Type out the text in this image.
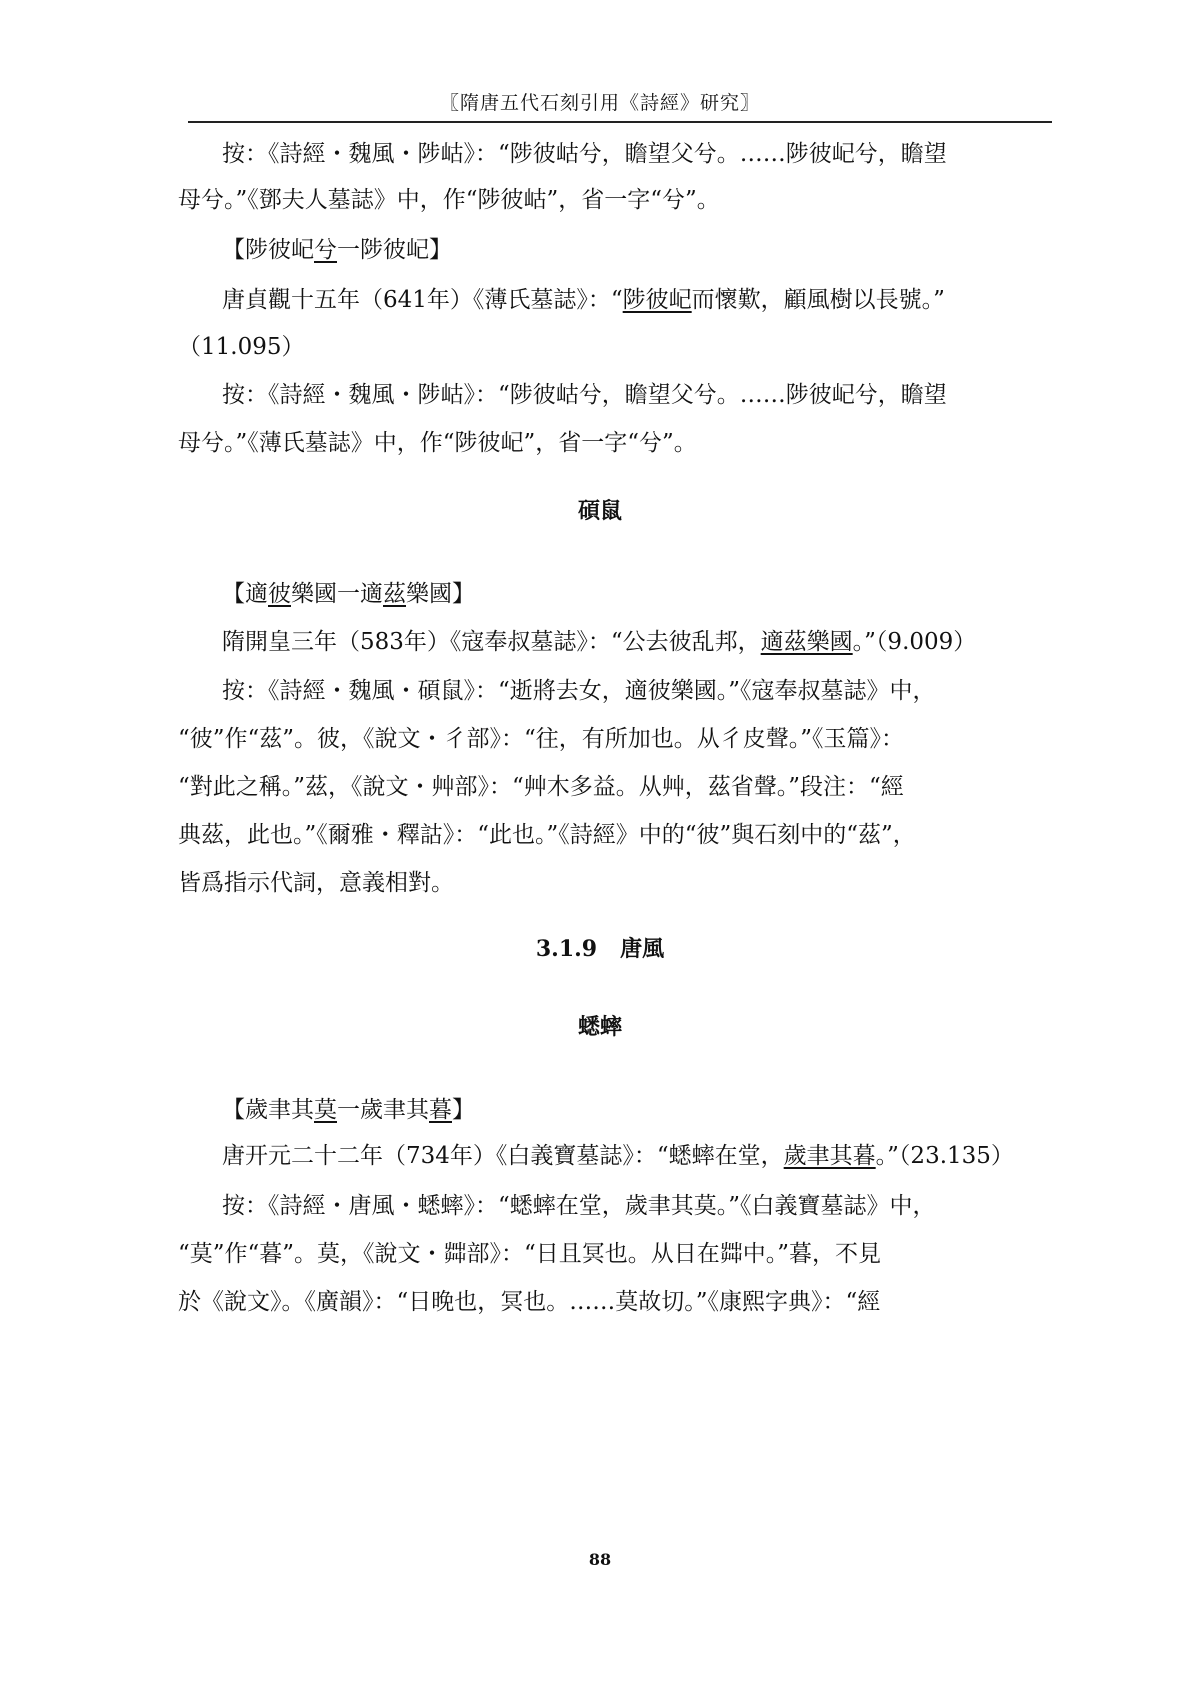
〖隋唐五代石刻引用《詩經》研究〗
按：《詩經・魏風・陟岵》：“陟彼岵兮，瞻望父兮。……陟彼屺兮，瞻望
母兮。”《鄧夫人墓誌》中，作“陟彼岵”，省一字“兮”。
【陟彼屺兮一陟彼屺】
唐貞觀十五年（641年）《薄氏墓誌》：“陟彼屺而懷歎，顧風樹以長號。”
（11.095）
按：《詩經・魏風・陟岵》：“陟彼岵兮，瞻望父兮。……陟彼屺兮，瞻望
母兮。”《薄氏墓誌》中，作“陟彼屺”，省一字“兮”。
碩鼠
【適彼樂國一適茲樂國】
隋開皇三年（583年）《寇奉叔墓誌》：“公去彼乱邦，適茲樂國。”（9.009）
按：《詩經・魏風・碩鼠》：“逝將去女，適彼樂國。”《寇奉叔墓誌》中，
“彼”作“茲”。彼，《說文・彳部》：“往，有所加也。从彳皮聲。”《玉篇》：
“對此之稱。”茲，《說文・艸部》：“艸木多益。从艸，茲省聲。”段注：“經
典茲，此也。”《爾雅・釋詁》：“此也。”《詩經》中的“彼”與石刻中的“茲”，
皆爲指示代詞，意義相對。
3.1.9 唐風
蟋蟀
【歲聿其莫一歲聿其暮】
唐开元二十二年（734年）《白義寶墓誌》：“蟋蟀在堂，歲聿其暮。”（23.135）
按：《詩經・唐風・蟋蟀》：“蟋蟀在堂，歲聿其莫。”《白義寶墓誌》中，
“莫”作“暮”。莫，《說文・茻部》：“日且冥也。从日在茻中。”暮，不見
於《說文》。《廣韻》：“日晚也，冥也。……莫故切。”《康熙字典》：“經
88
